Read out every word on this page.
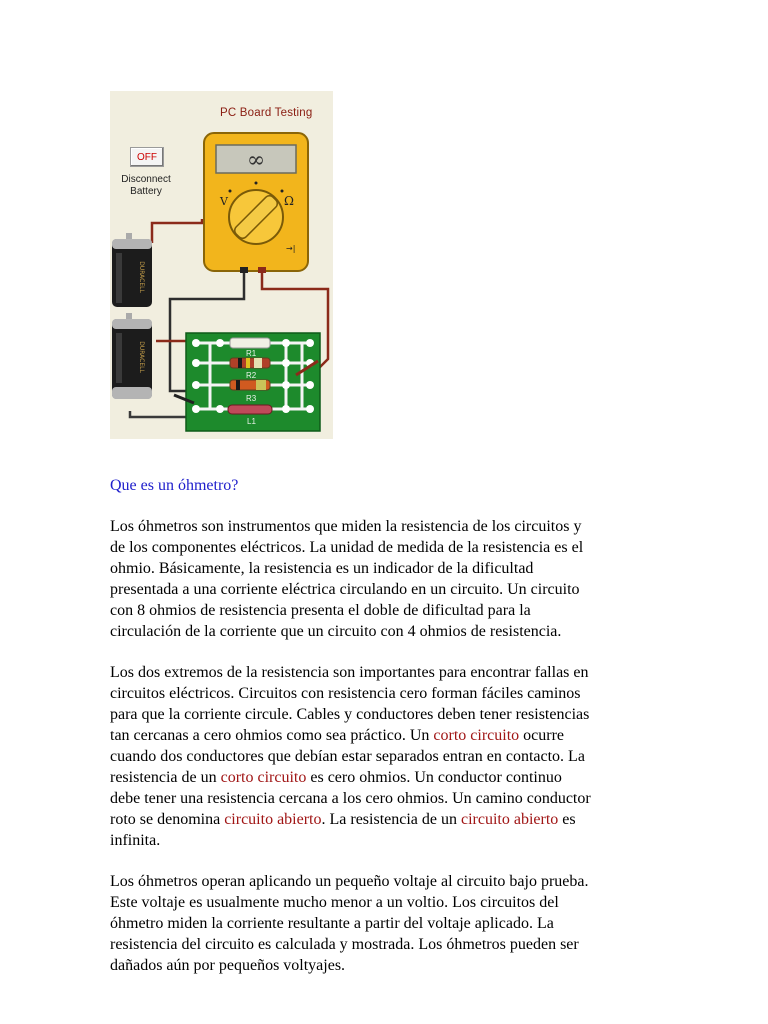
DURACELL
DURACELL
∞
V	Ω
→|
PC Board Testing
OFF
Disconnect Battery
R1
R2
R3
L1
Que es un óhmetro?

Los óhmetros son instrumentos que miden la resistencia de los circuitos y
de los componentes eléctricos. La unidad de medida de la resistencia es el
ohmio. Básicamente, la resistencia es un indicador de la dificultad
presentada a una corriente eléctrica circulando en un circuito. Un circuito
con 8 ohmios de resistencia presenta el doble de dificultad para la
circulación de la corriente que un circuito con 4 ohmios de resistencia.

Los dos extremos de la resistencia son importantes para encontrar fallas en
circuitos eléctricos. Circuitos con resistencia cero forman fáciles caminos
para que la corriente circule. Cables y conductores deben tener resistencias
tan cercanas a cero ohmios como sea práctico. Un corto circuito ocurre
cuando dos conductores que debían estar separados entran en contacto. La
resistencia de un corto circuito es cero ohmios. Un conductor continuo
debe tener una resistencia cercana a los cero ohmios. Un camino conductor
roto se denomina circuito abierto. La resistencia de un circuito abierto es
infinita.

Los óhmetros operan aplicando un pequeño voltaje al circuito bajo prueba.
Este voltaje es usualmente mucho menor a un voltio. Los circuitos del
óhmetro miden la corriente resultante a partir del voltaje aplicado. La
resistencia del circuito es calculada y mostrada. Los óhmetros pueden ser
dañados aún por pequeños voltyajes.
